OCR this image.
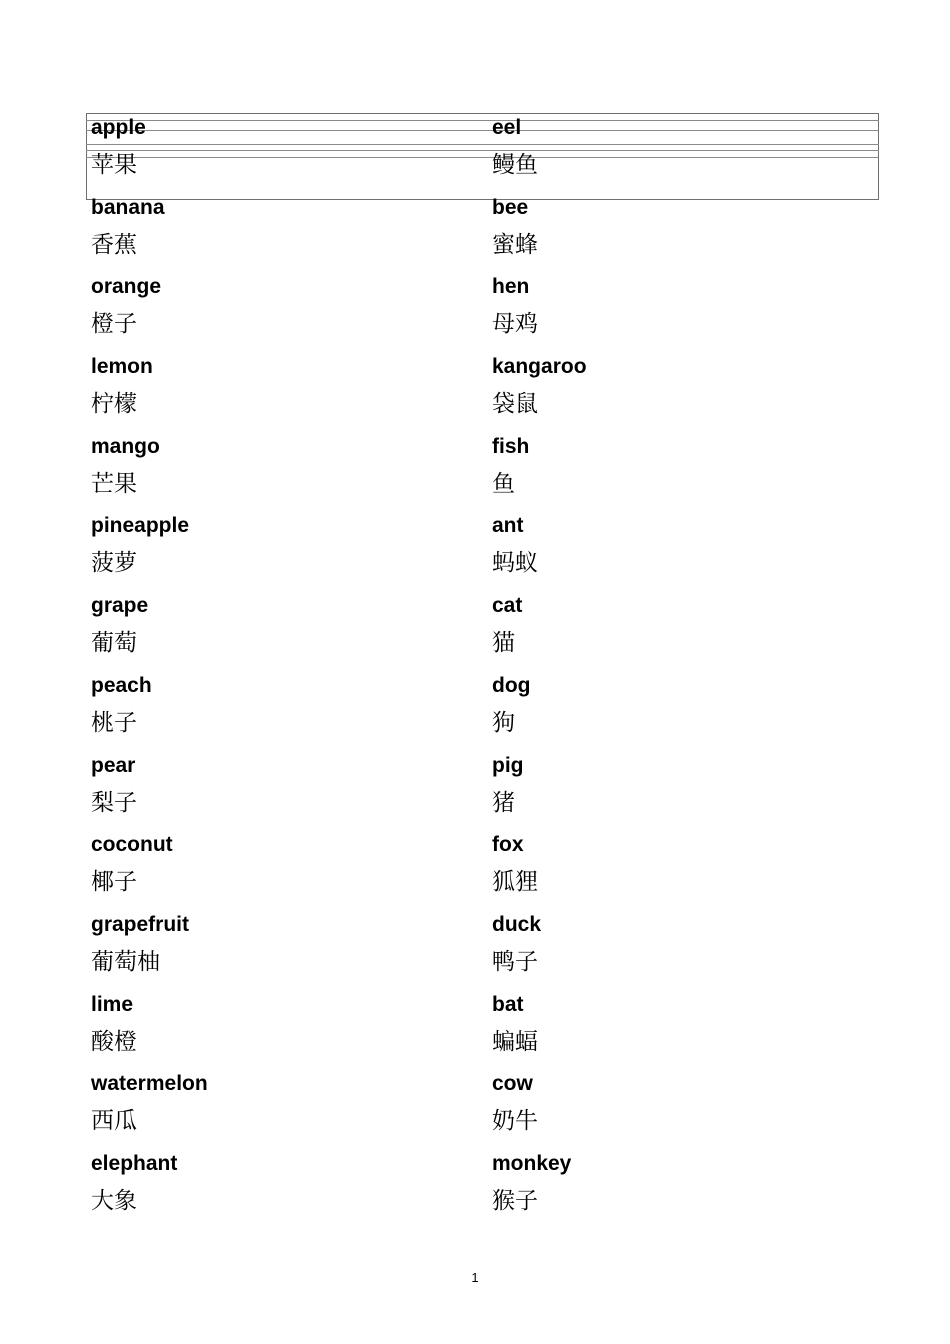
apple
苹果
eel
鳗鱼
banana
香蕉
bee
蜜蜂
orange
橙子
hen
母鸡
lemon
柠檬
kangaroo
袋鼠
mango
芒果
fish
鱼
pineapple
菠萝
ant
蚂蚁
grape
葡萄
cat
猫
peach
桃子
dog
狗
pear
梨子
pig
猪
coconut
椰子
fox
狐狸
grapefruit
葡萄柚
duck
鸭子
lime
酸橙
bat
蝙蝠
watermelon
西瓜
cow
奶牛
elephant
大象
monkey
猴子
1
